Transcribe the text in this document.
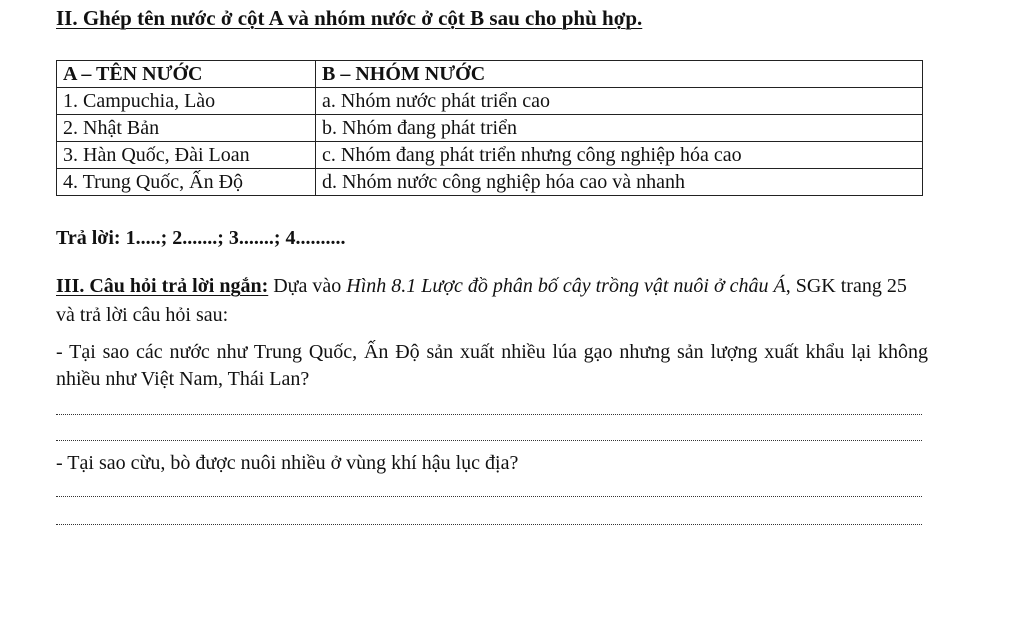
II. Ghép tên nước ở cột A và nhóm nước ở cột B sau cho phù hợp.
A – TÊN NƯỚC	B – NHÓM NƯỚC
1. Campuchia, Lào	a. Nhóm nước phát triển cao
2. Nhật Bản	b. Nhóm đang phát triển
3. Hàn Quốc, Đài Loan	c. Nhóm đang phát triển nhưng công nghiệp hóa cao
4. Trung Quốc, Ấn Độ	d. Nhóm nước công nghiệp hóa cao và nhanh
Trả lời: 1.....; 2.......; 3.......; 4..........
III. Câu hỏi trả lời ngắn: Dựa vào Hình 8.1 Lược đồ phân bố cây trồng vật nuôi ở châu Á, SGK trang 25 và trả lời câu hỏi sau:
- Tại sao các nước như Trung Quốc, Ấn Độ sản xuất nhiều lúa gạo nhưng sản lượng xuất khẩu lại không nhiều như Việt Nam, Thái Lan?
- Tại sao cừu, bò được nuôi nhiều ở vùng khí hậu lục địa?
